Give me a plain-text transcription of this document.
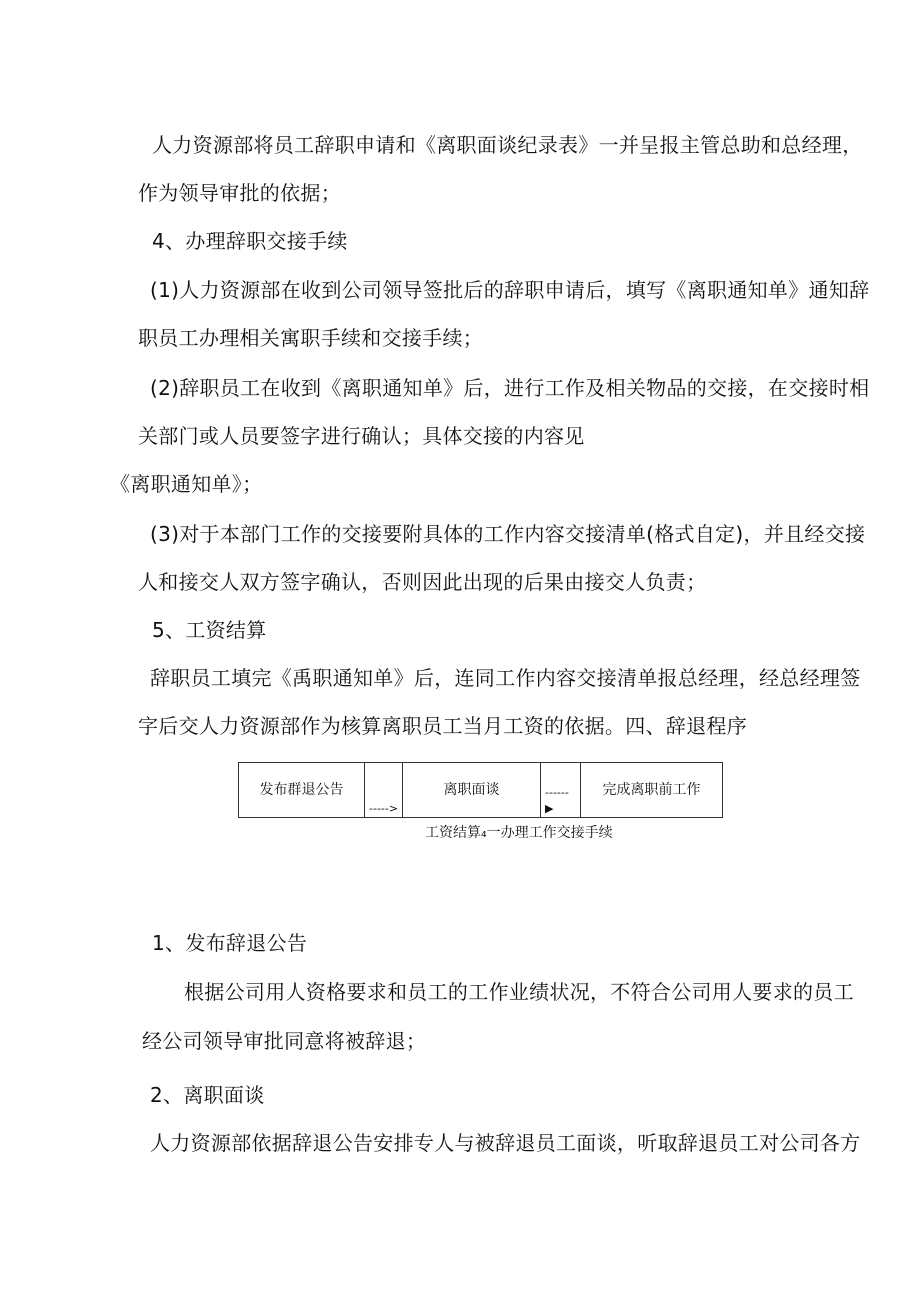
人力资源部将员工辞职申请和《离职面谈纪录表》一并呈报主管总助和总经理，
作为领导审批的依据；
4、办理辞职交接手续
(1)人力资源部在收到公司领导签批后的辞职申请后，填写《离职通知单》通知辞
职员工办理相关寓职手续和交接手续；
(2)辞职员工在收到《离职通知单》后，进行工作及相关物品的交接，在交接时相
关部门或人员要签字进行确认；具体交接的内容见
《离职通知单》；
(3)对于本部门工作的交接要附具体的工作内容交接清单(格式自定)，并且经交接
人和接交人双方签字确认，否则因此出现的后果由接交人负责；
5、工资结算
辞职员工填完《禹职通知单》后，连同工作内容交接清单报总经理，经总经理签
字后交人力资源部作为核算离职员工当月工资的依据。四、辞退程序
发布群退公告
----->
离职面谈	------
▶
完成离职前工作
工资结算₄一办理工作交接手续
1、发布辞退公告
根据公司用人资格要求和员工的工作业绩状况，不符合公司用人要求的员工
经公司领导审批同意将被辞退；
2、离职面谈
人力资源部依据辞退公告安排专人与被辞退员工面谈，听取辞退员工对公司各方
